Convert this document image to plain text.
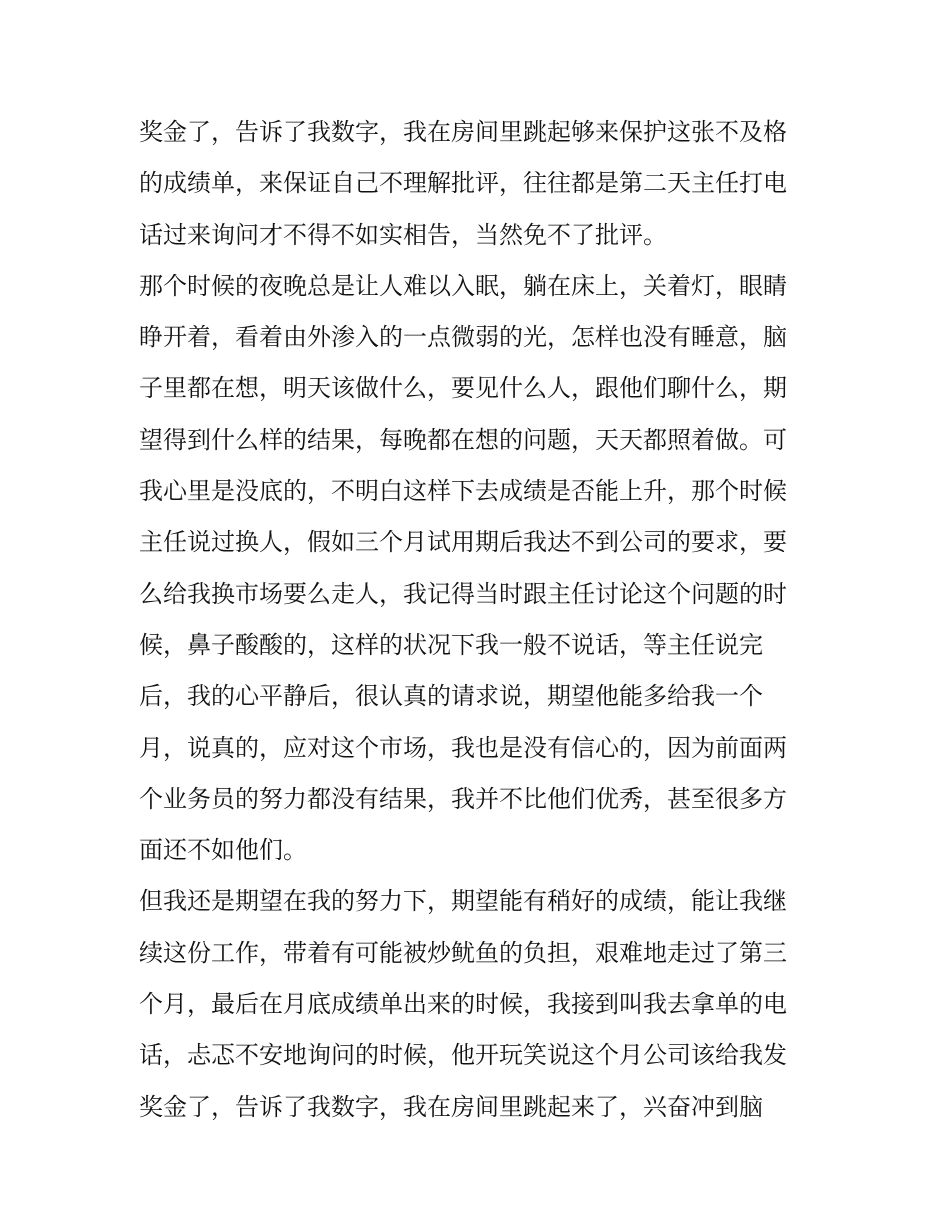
奖金了，告诉了我数字，我在房间里跳起够来保护这张不及格
的成绩单，来保证自己不理解批评，往往都是第二天主任打电
话过来询问才不得不如实相告，当然免不了批评。
那个时候的夜晚总是让人难以入眠，躺在床上，关着灯，眼睛
睁开着，看着由外渗入的一点微弱的光，怎样也没有睡意，脑
子里都在想，明天该做什么，要见什么人，跟他们聊什么，期
望得到什么样的结果，每晚都在想的问题，天天都照着做。可
我心里是没底的，不明白这样下去成绩是否能上升，那个时候
主任说过换人，假如三个月试用期后我达不到公司的要求，要
么给我换市场要么走人，我记得当时跟主任讨论这个问题的时
候，鼻子酸酸的，这样的状况下我一般不说话，等主任说完
后，我的心平静后，很认真的请求说，期望他能多给我一个
月，说真的，应对这个市场，我也是没有信心的，因为前面两
个业务员的努力都没有结果，我并不比他们优秀，甚至很多方
面还不如他们。
但我还是期望在我的努力下，期望能有稍好的成绩，能让我继
续这份工作，带着有可能被炒鱿鱼的负担，艰难地走过了第三
个月，最后在月底成绩单出来的时候，我接到叫我去拿单的电
话，忐忑不安地询问的时候，他开玩笑说这个月公司该给我发
奖金了，告诉了我数字，我在房间里跳起来了，兴奋冲到脑
